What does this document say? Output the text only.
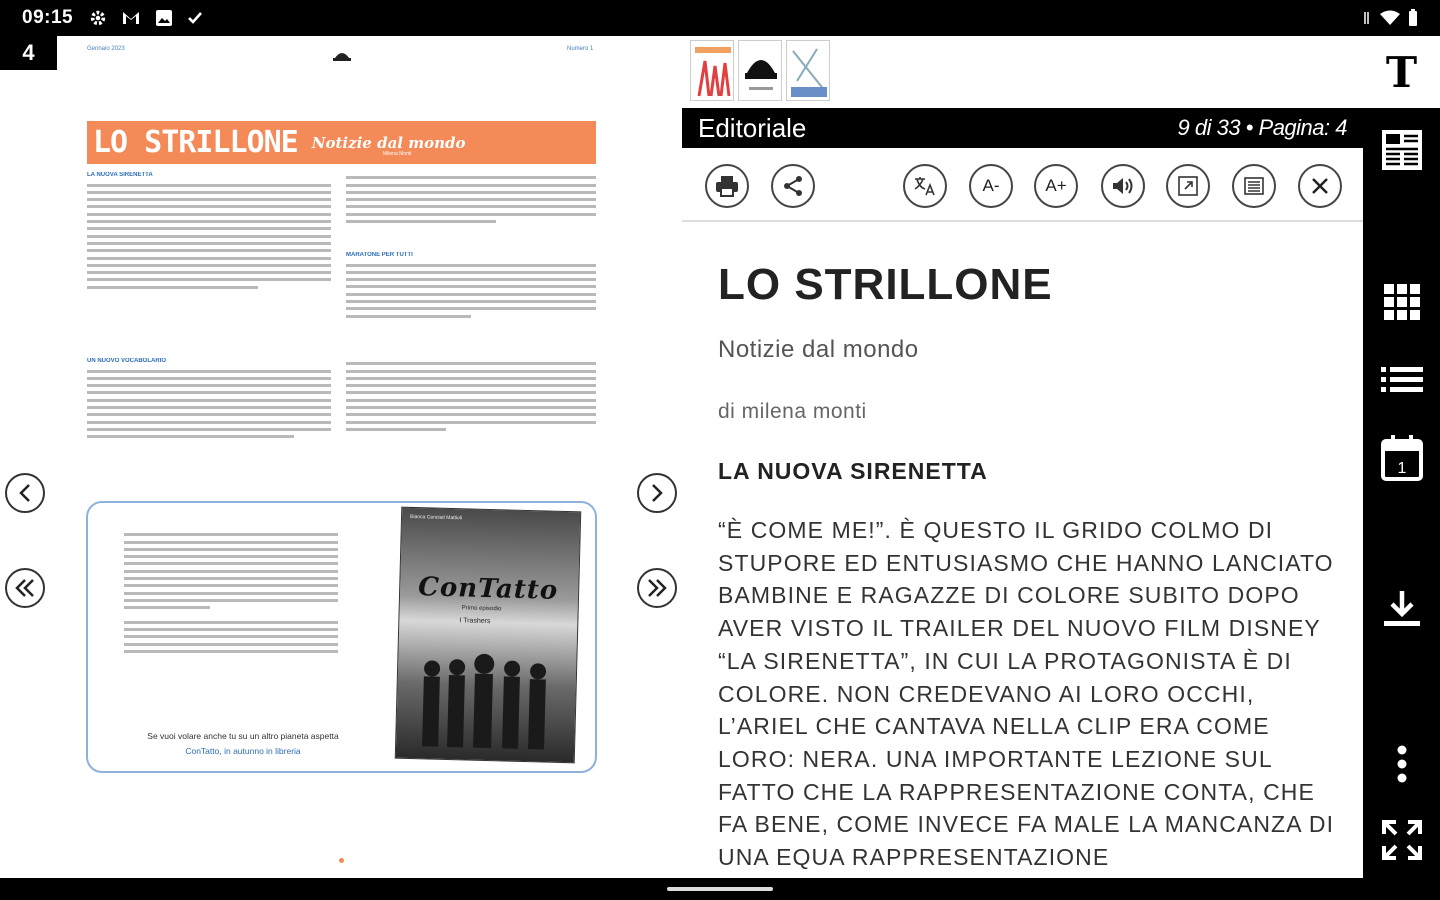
09:15
4	Gennaio 2023	Numero 1
LO STRILLONE Notizie dal mondo
Milena Monti
LA NUOVA SIRENETTA
UN NUOVO VOCABOLARIO
MARATONE PER TUTTI
Se vuoi volare anche tu su un altro pianeta aspetta
ConTatto, in autunno in libreria
Bianca Cenciati Mattioli
ConTatto
Primo episodio
I Trashers
Editoriale	9 di 33 • Pagina: 4
A-	A+
LO STRILLONE
Notizie dal mondo
di milena monti
LA NUOVA SIRENETTA
“È COME ME!”. È QUESTO IL GRIDO COLMO DI STUPORE ED ENTUSIASMO CHE HANNO LANCIATO BAMBINE E RAGAZZE DI COLORE SUBITO DOPO AVER VISTO IL TRAILER DEL NUOVO FILM DISNEY “LA SIRENETTA”, IN CUI LA PROTAGONISTA È DI COLORE. NON CREDEVANO AI LORO OCCHI, L’ARIEL CHE CANTAVA NELLA CLIP ERA COME LORO: NERA. UNA IMPORTANTE LEZIONE SUL FATTO CHE LA RAPPRESENTAZIONE CONTA, CHE FA BENE, COME INVECE FA MALE LA MANCANZA DI UNA EQUA RAPPRESENTAZIONE
T
1
